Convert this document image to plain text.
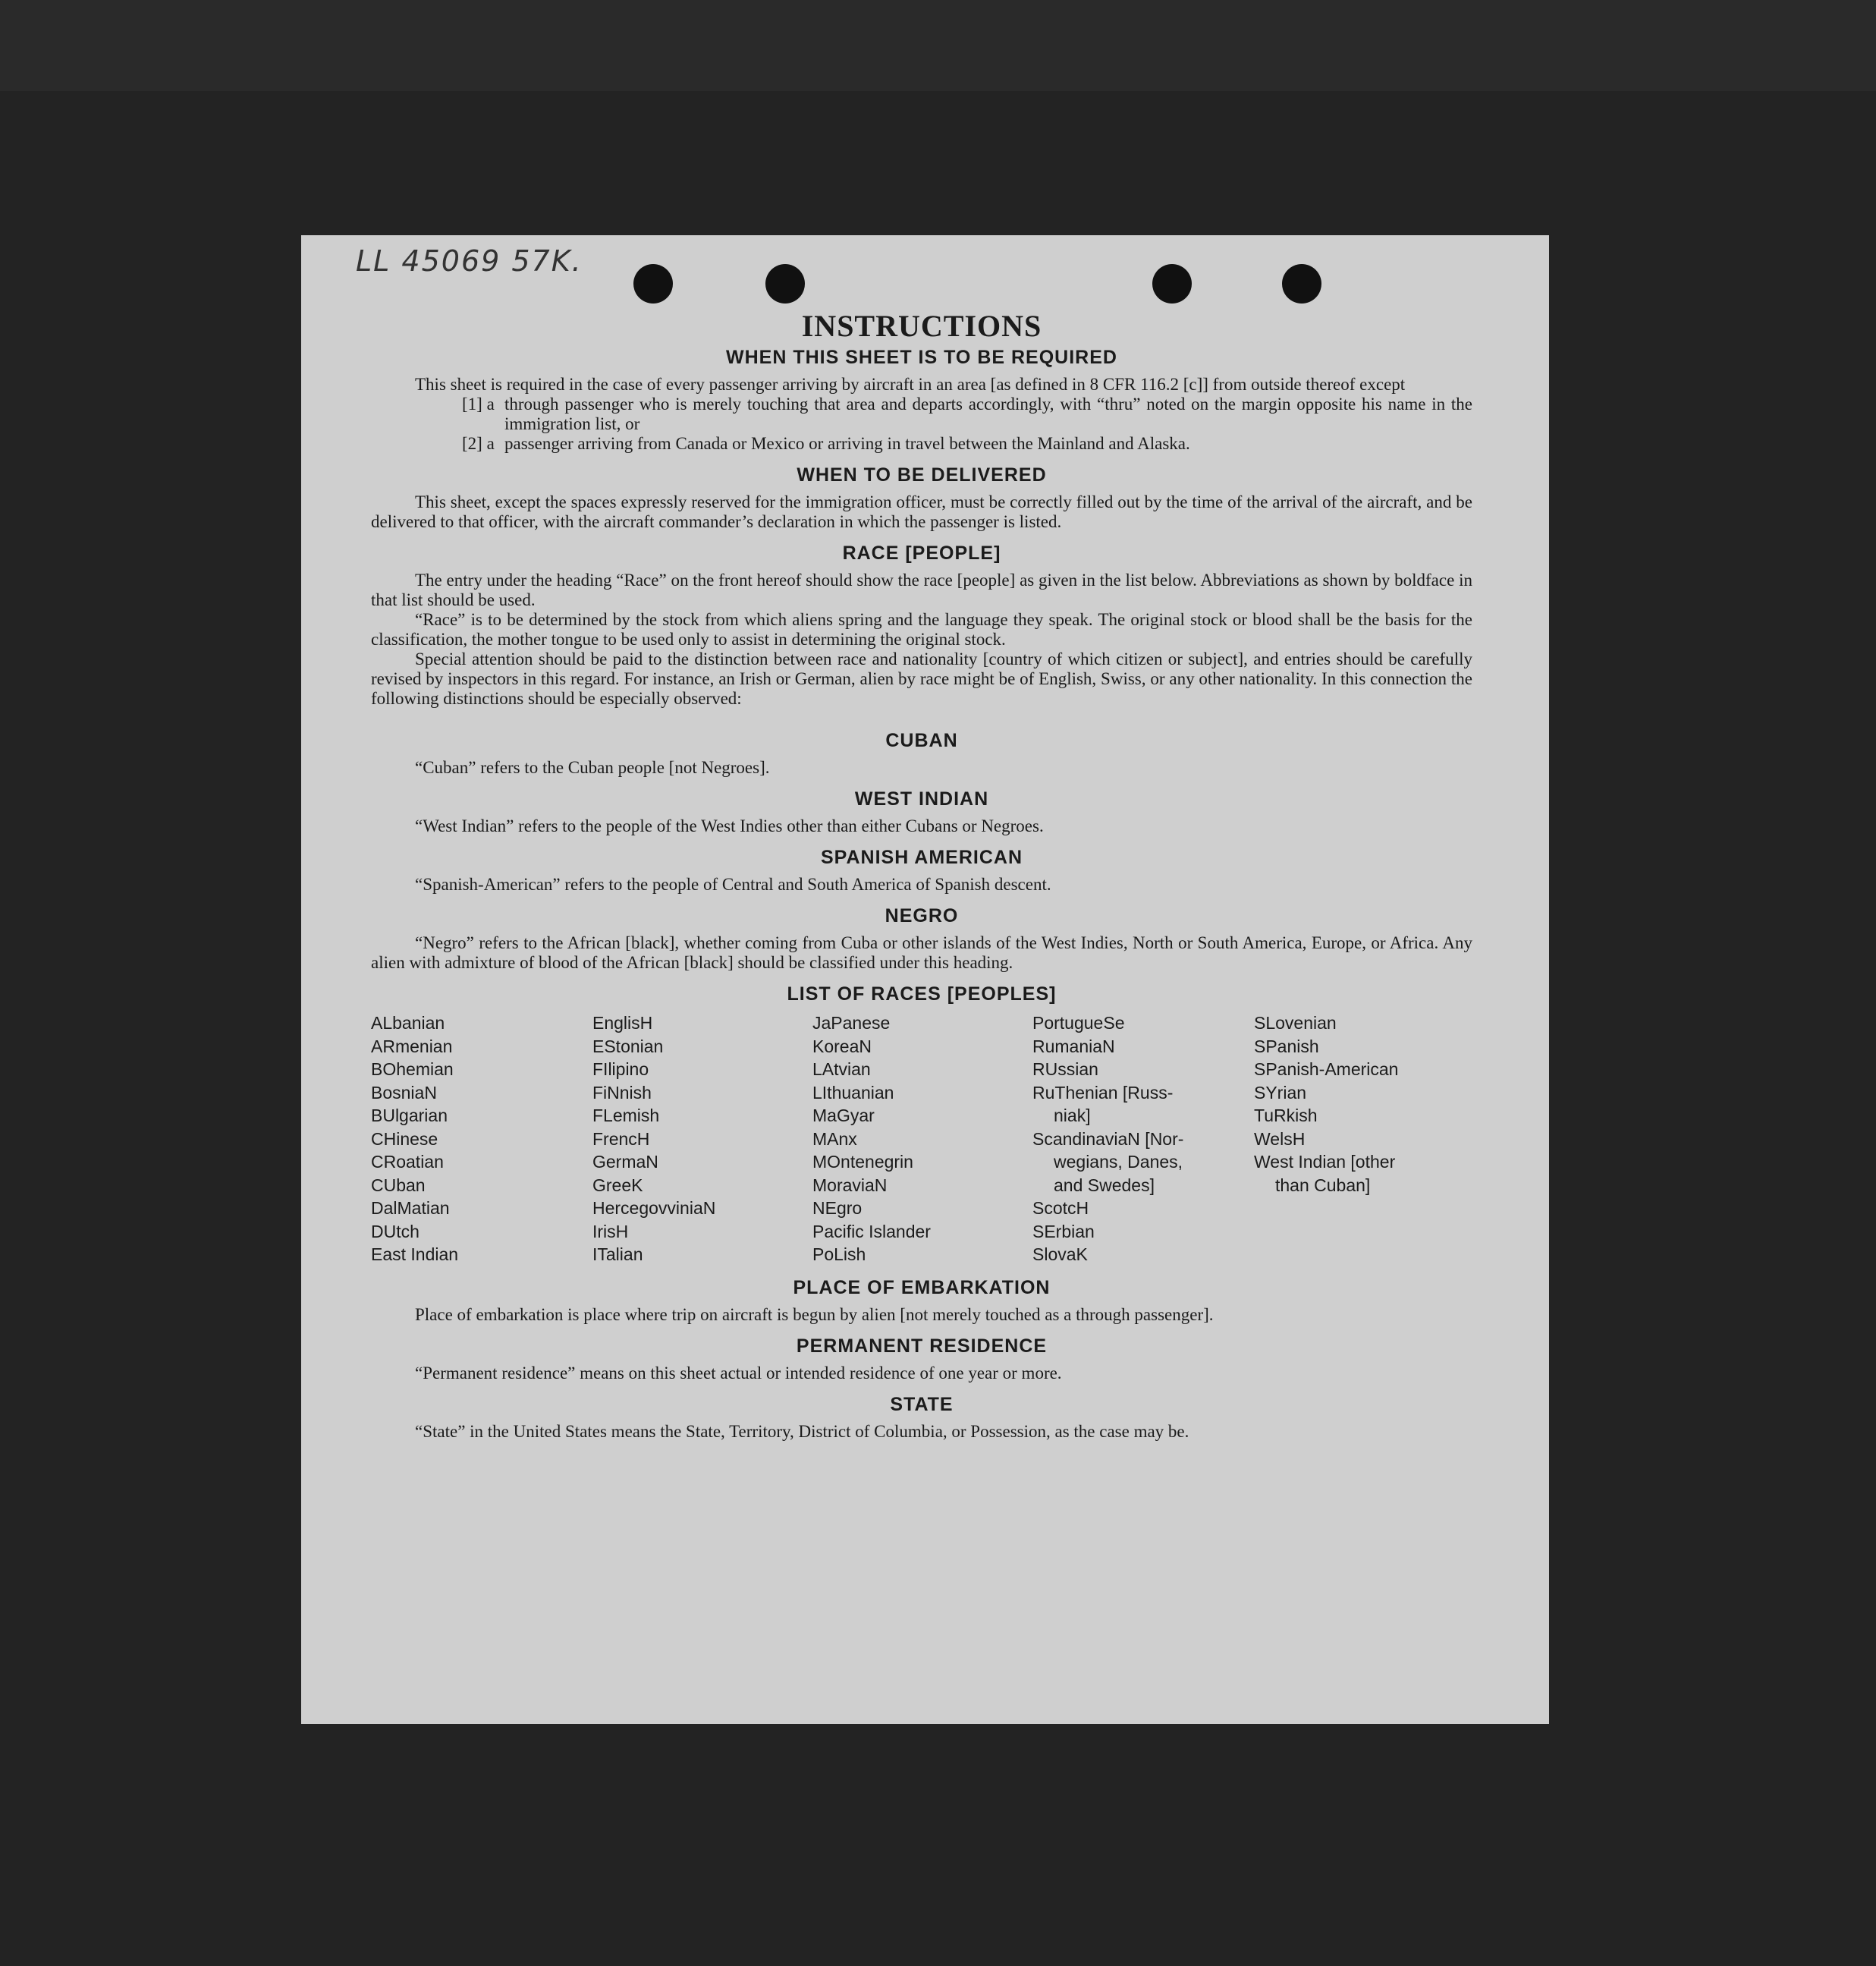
LL 45069 57K.
INSTRUCTIONS
WHEN THIS SHEET IS TO BE REQUIRED

This sheet is required in the case of every passenger arriving by aircraft in an area [as defined in 8 CFR 116.2 [c]] from outside thereof except

[1] a through passenger who is merely touching that area and departs accordingly, with “thru” noted on the margin opposite his name in the immigration list, or
[2] a passenger arriving from Canada or Mexico or arriving in travel between the Mainland and Alaska.
WHEN TO BE DELIVERED

This sheet, except the spaces expressly reserved for the immigration officer, must be correctly filled out by the time of the arrival of the aircraft, and be delivered to that officer, with the aircraft commander’s declaration in which the passenger is listed.

RACE [PEOPLE]

The entry under the heading “Race” on the front hereof should show the race [people] as given in the list below. Abbreviations as shown by boldface in that list should be used.

“Race” is to be determined by the stock from which aliens spring and the language they speak. The original stock or blood shall be the basis for the classification, the mother tongue to be used only to assist in determining the original stock.

Special attention should be paid to the distinction between race and nationality [country of which citizen or subject], and entries should be carefully revised by inspectors in this regard. For instance, an Irish or German, alien by race might be of English, Swiss, or any other nationality. In this connection the following distinctions should be especially observed:

CUBAN

“Cuban” refers to the Cuban people [not Negroes].

WEST INDIAN

“West Indian” refers to the people of the West Indies other than either Cubans or Negroes.

SPANISH AMERICAN

“Spanish-American” refers to the people of Central and South America of Spanish descent.

NEGRO

“Negro” refers to the African [black], whether coming from Cuba or other islands of the West Indies, North or South America, Europe, or Africa. Any alien with admixture of blood of the African [black] should be classified under this heading.

LIST OF RACES [PEOPLES]
ALbanian
ARmenian
BOhemian
BosniaN
BUlgarian
CHinese
CRoatian
CUban
DalMatian
DUtch
East Indian
EnglisH
EStonian
FIlipino
FiNnish
FLemish
FrencH
GermaN
GreeK
HercegovviniaN
IrisH
ITalian
JaPanese
KoreaN
LAtvian
LIthuanian
MaGyar
MAnx
MOntenegrin
MoraviaN
NEgro
Pacific Islander
PoLish
PortugueSe
RumaniaN
RUssian
RuThenian [Russ-
niak]
ScandinaviaN [Nor-
wegians, Danes,
and Swedes]
ScotcH
SErbian
SlovaK
SLovenian
SPanish
SPanish-American
SYrian
TuRkish
WelsH
West Indian [other
than Cuban]
PLACE OF EMBARKATION

Place of embarkation is place where trip on aircraft is begun by alien [not merely touched as a through passenger].

PERMANENT RESIDENCE

“Permanent residence” means on this sheet actual or intended residence of one year or more.

STATE

“State” in the United States means the State, Territory, District of Columbia, or Possession, as the case may be.
